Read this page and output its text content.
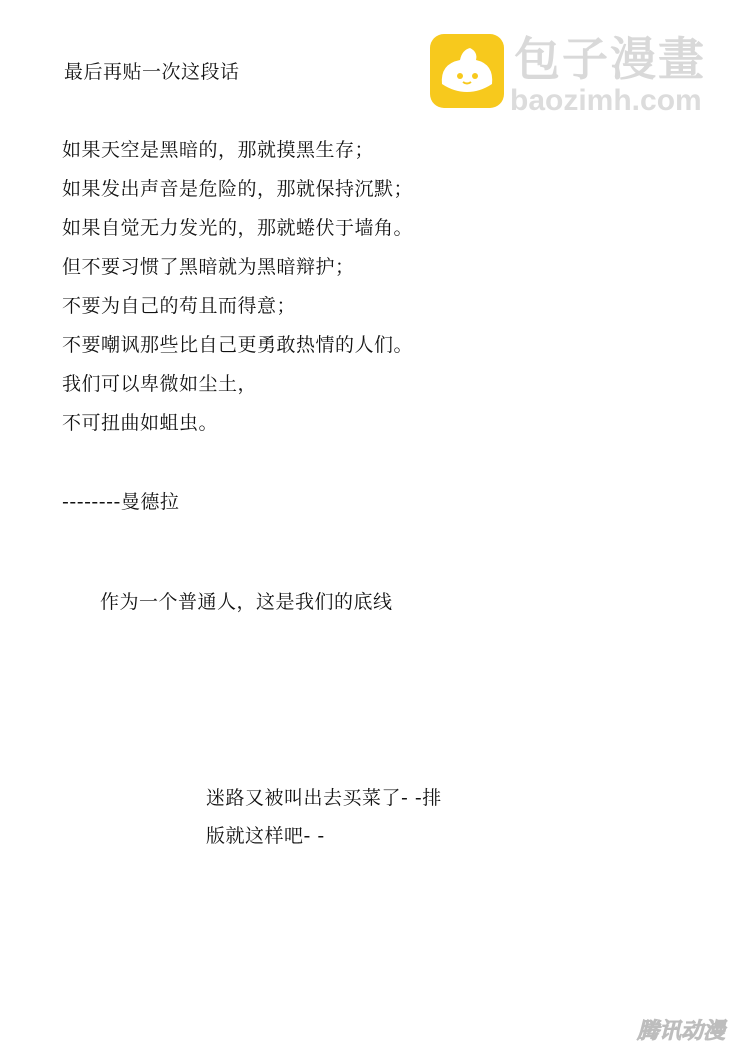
包子漫畫
baozimh.com
最后再贴一次这段话
如果天空是黑暗的，那就摸黑生存；
如果发出声音是危险的，那就保持沉默；
如果自觉无力发光的，那就蜷伏于墙角。
但不要习惯了黑暗就为黑暗辩护；
不要为自己的苟且而得意；
不要嘲讽那些比自己更勇敢热情的人们。
我们可以卑微如尘土，
不可扭曲如蛆虫。
--------曼德拉
作为一个普通人，这是我们的底线
迷路又被叫出去买菜了- -排
版就这样吧- -
腾讯动漫
